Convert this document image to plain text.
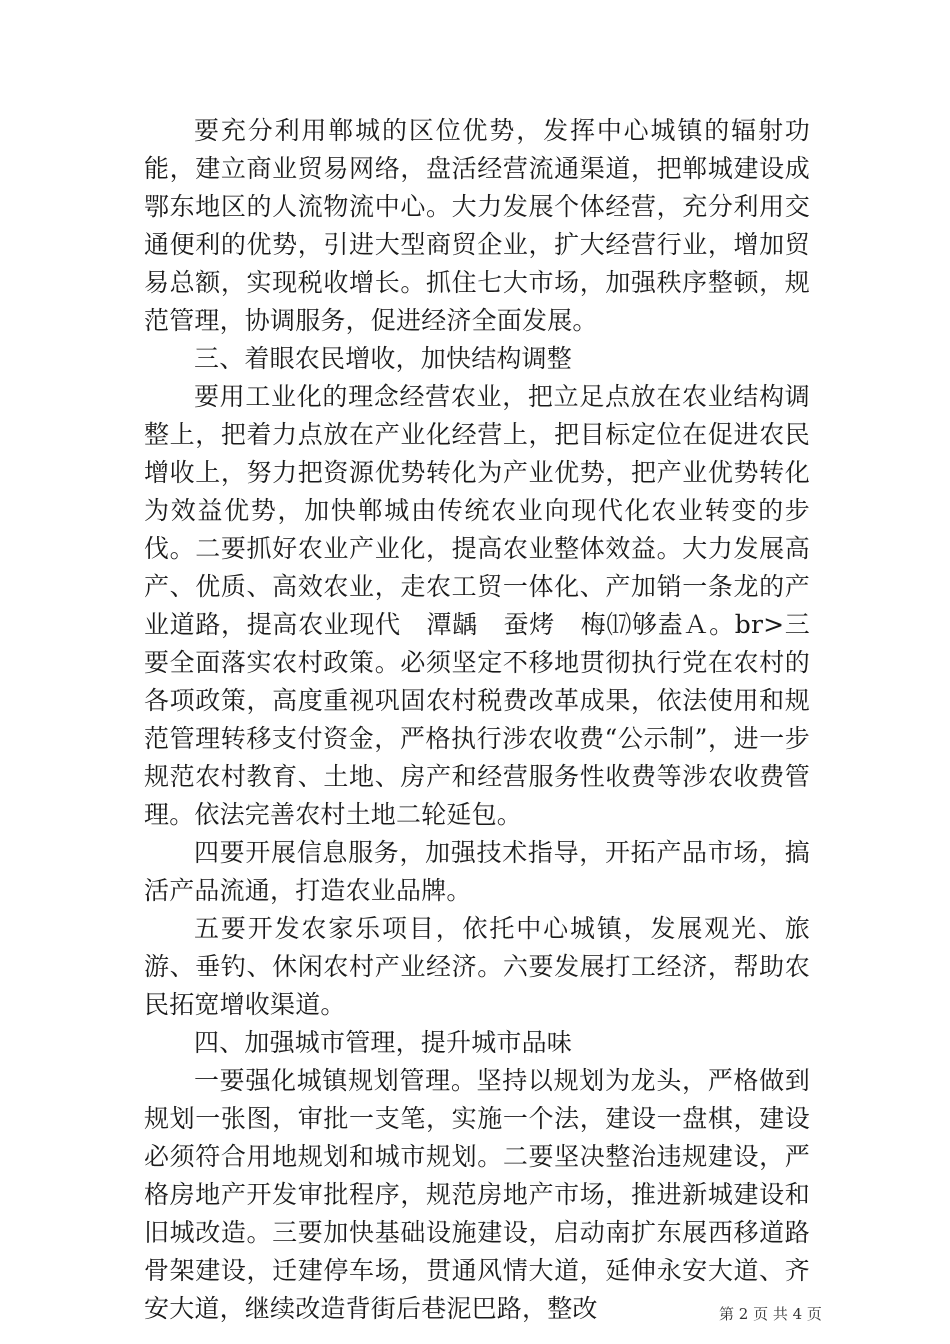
要充分利用郸城的区位优势，发挥中心城镇的辐射功能，建立商业贸易网络，盘活经营流通渠道，把郸城建设成鄂东地区的人流物流中心。大力发展个体经营，充分利用交通便利的优势，引进大型商贸企业，扩大经营行业，增加贸易总额，实现税收增长。抓住七大市场，加强秩序整顿，规范管理，协调服务，促进经济全面发展。

三、着眼农民增收，加快结构调整

要用工业化的理念经营农业，把立足点放在农业结构调整上，把着力点放在产业化经营上，把目标定位在促进农民增收上，努力把资源优势转化为产业优势，把产业优势转化为效益优势，加快郸城由传统农业向现代化农业转变的步伐。二要抓好农业产业化，提高农业整体效益。大力发展高产、优质、高效农业，走农工贸一体化、产加销一条龙的产业道路，提高农业现代　潭龋　蚕烤　梅⒄够盍Ａ。br>三要全面落实农村政策。必须坚定不移地贯彻执行党在农村的各项政策，高度重视巩固农村税费改革成果，依法使用和规范管理转移支付资金，严格执行涉农收费“公示制”，进一步规范农村教育、土地、房产和经营服务性收费等涉农收费管理。依法完善农村土地二轮延包。

四要开展信息服务，加强技术指导，开拓产品市场，搞活产品流通，打造农业品牌。

五要开发农家乐项目，依托中心城镇，发展观光、旅游、垂钓、休闲农村产业经济。六要发展打工经济，帮助农民拓宽增收渠道。

四、加强城市管理，提升城市品味

一要强化城镇规划管理。坚持以规划为龙头，严格做到规划一张图，审批一支笔，实施一个法，建设一盘棋，建设必须符合用地规划和城市规划。二要坚决整治违规建设，严格房地产开发审批程序，规范房地产市场，推进新城建设和旧城改造。三要加快基础设施建设，启动南扩东展西移道路骨架建设，迁建停车场，贯通风情大道，延伸永安大道、齐安大道，继续改造背街后巷泥巴路，整改	第 2 页 共 4 页
